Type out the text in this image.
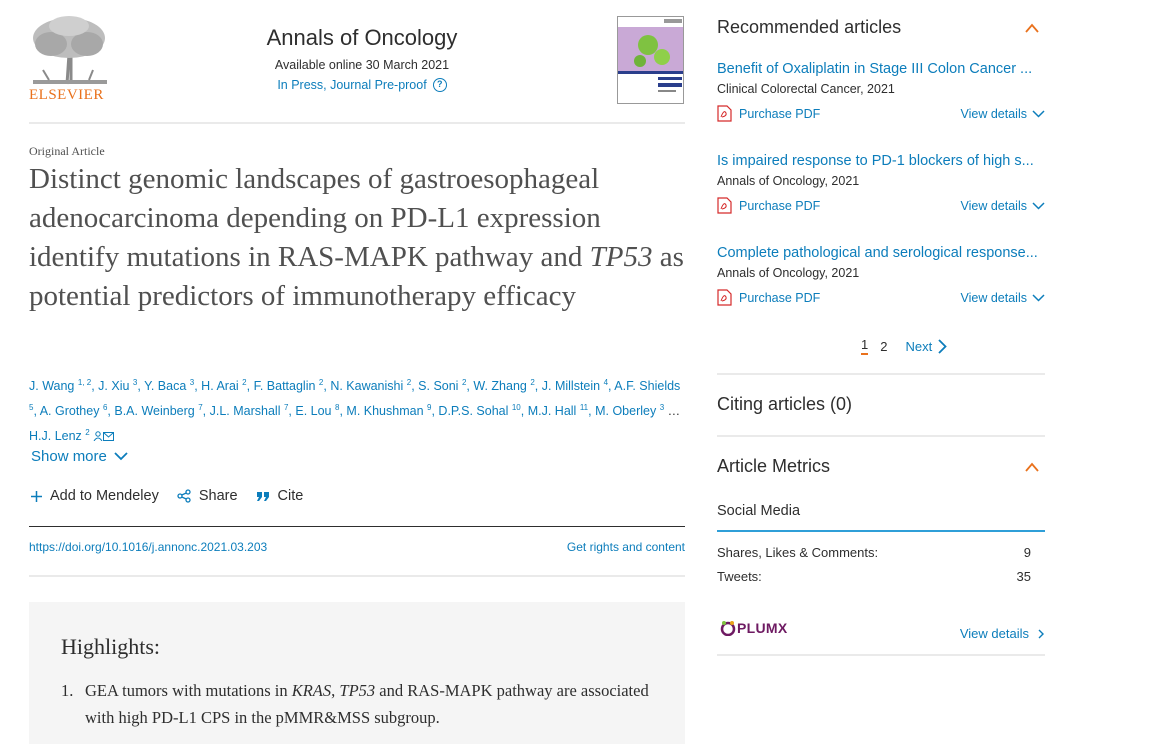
ELSEVIER
Annals of Oncology
Available online 30 March 2021
In Press, Journal Pre-proof	?
Original Article
Distinct genomic landscapes of gastroesophageal adenocarcinoma depending on PD-L1 expression identify mutations in RAS-MAPK pathway and TP53 as potential predictors of immunotherapy efficacy
J. Wang $^{1, 2}$, J. Xiu $^3$, Y. Baca $^3$, H. Arai $^2$, F. Battaglin $^2$, N. Kawanishi $^2$, S. Soni $^2$, W. Zhang $^2$, J. Millstein $^4$, A.F. Shields $^5$, A. Grothey $^6$, B.A. Weinberg $^7$, J.L. Marshall $^7$, E. Lou $^8$, M. Khushman $^9$, D.P.S. Sohal $^{10}$, M.J. Hall $^{11}$, M. Oberley $^3$ …
H.J. Lenz $^2$
Show more
Add to Mendeley	Share	Cite
https://doi.org/10.1016/j.annonc.2021.03.203	Get rights and content
Highlights:
1. GEA tumors with mutations in KRAS, TP53 and RAS-MAPK pathway are associated with high PD-L1 CPS in the pMMR&MSS subgroup.
Recommended articles
Benefit of Oxaliplatin in Stage III Colon Cancer ...
Clinical Colorectal Cancer, 2021
Purchase PDF	View details
Is impaired response to PD-1 blockers of high s...
Annals of Oncology, 2021
Purchase PDF	View details
Complete pathological and serological response...
Annals of Oncology, 2021
Purchase PDF	View details
1 2 Next
Citing articles (0)
Article Metrics
Social Media
Shares, Likes & Comments:	9
Tweets:	35
PLUMX	View details
